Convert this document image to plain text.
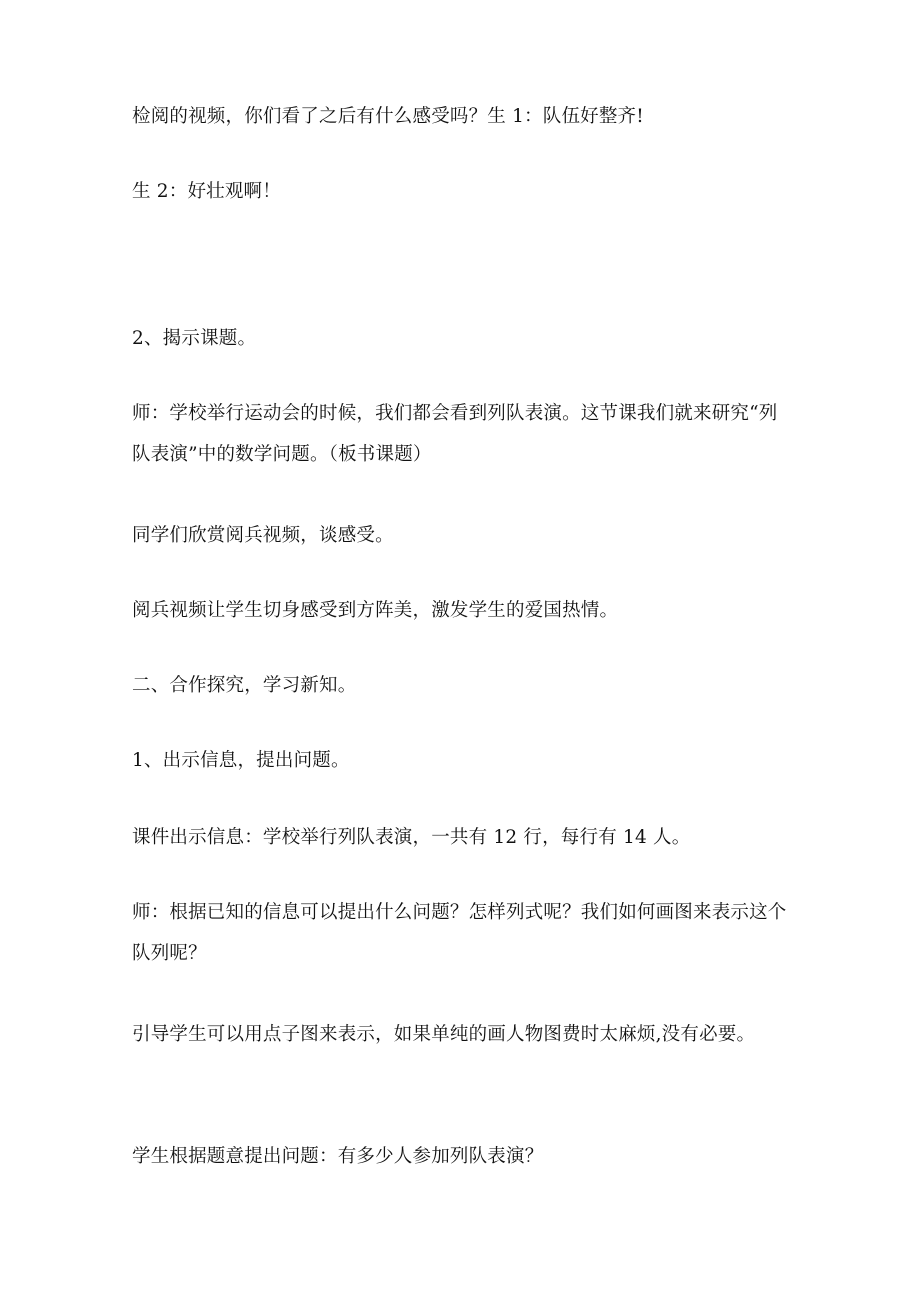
检阅的视频，你们看了之后有什么感受吗？生 1：队伍好整齐!

生 2：好壮观啊！

2、揭示课题。

师：学校举行运动会的时候，我们都会看到列队表演。这节课我们就来研究“列队表演”中的数学问题。（板书课题）

同学们欣赏阅兵视频，谈感受。

阅兵视频让学生切身感受到方阵美，激发学生的爱国热情。

二、合作探究，学习新知。

1、出示信息，提出问题。

课件出示信息：学校举行列队表演，一共有 12 行，每行有 14 人。

师：根据已知的信息可以提出什么问题？怎样列式呢？我们如何画图来表示这个队列呢？

引导学生可以用点子图来表示，如果单纯的画人物图费时太麻烦,没有必要。

学生根据题意提出问题：有多少人参加列队表演？
